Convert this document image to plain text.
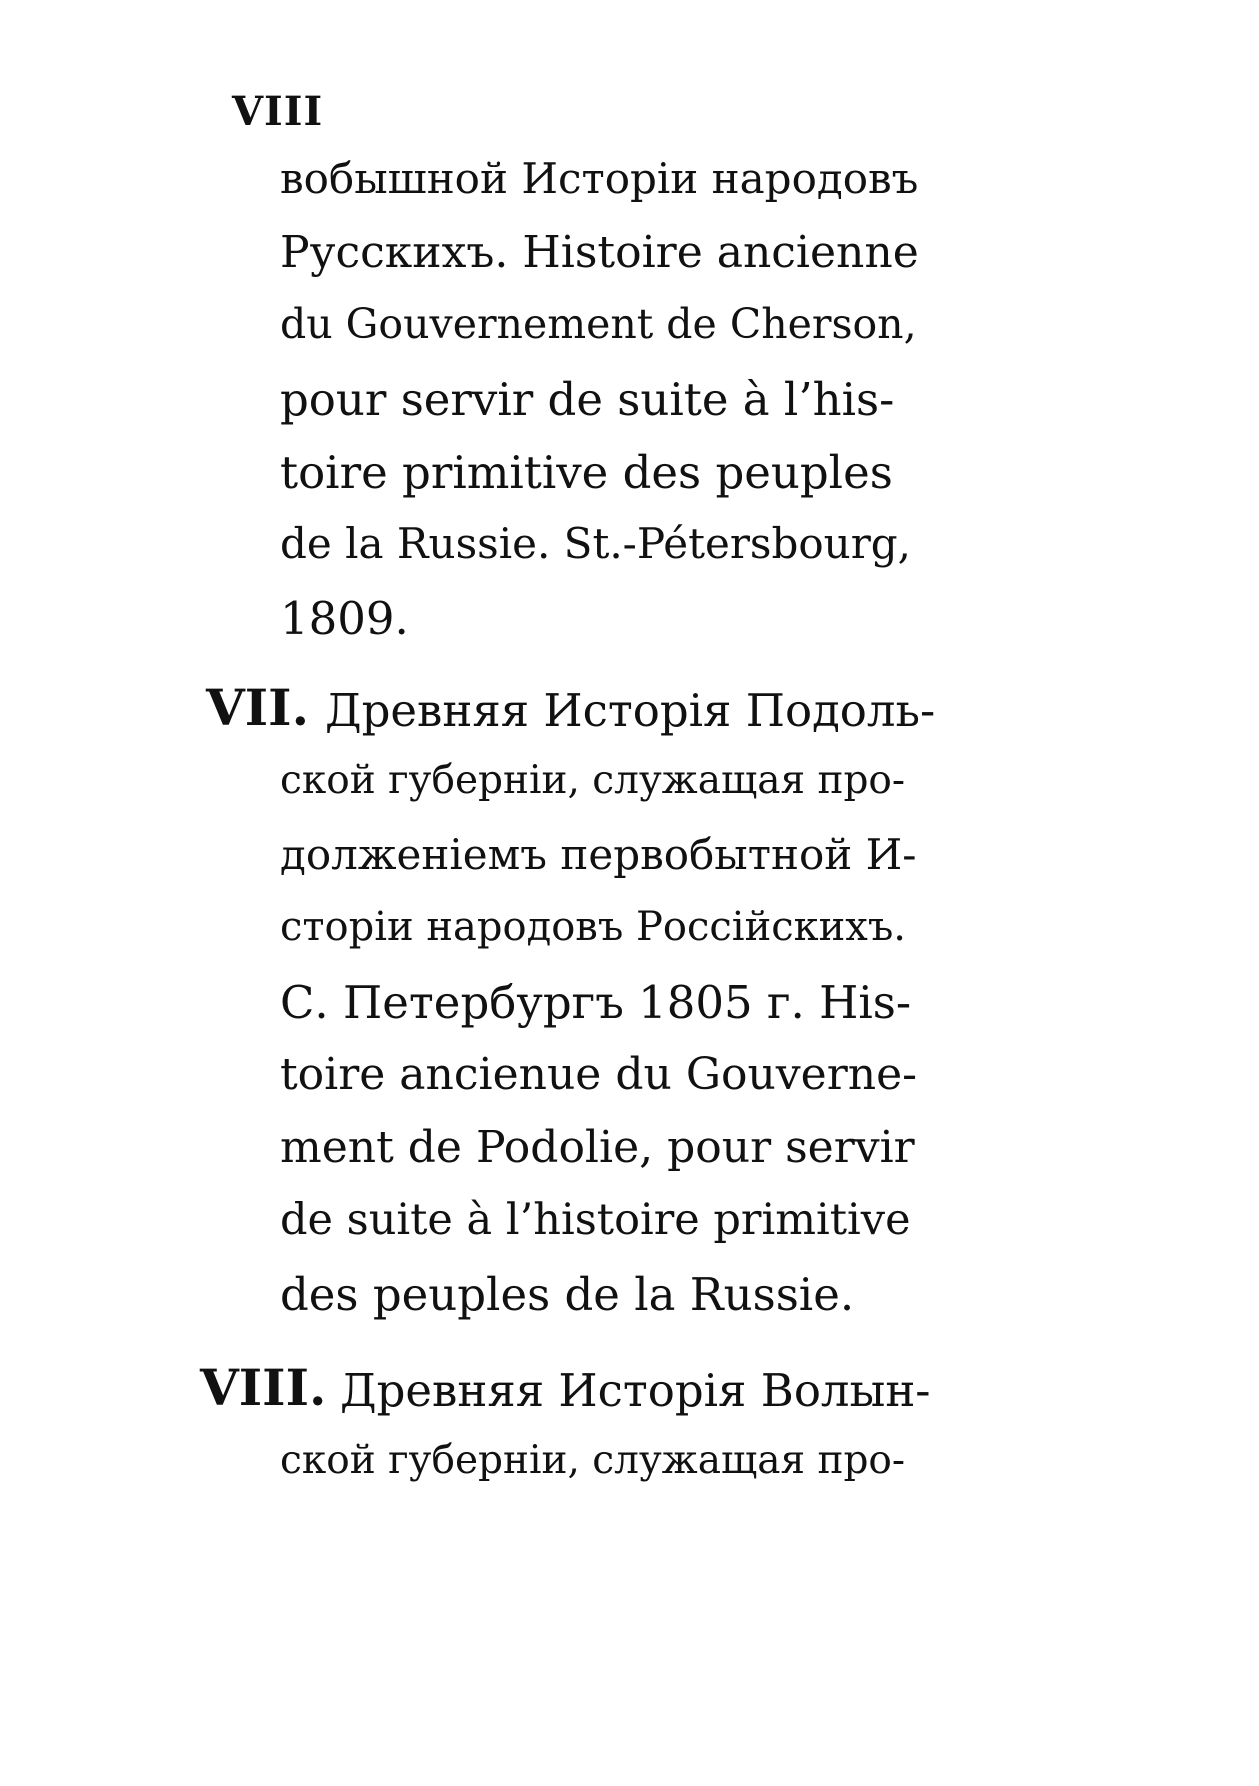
VIII
вобышной Исторіи народовъ
Русскихъ. Histoire ancienne
du Gouvernement de Cherson,
pour servir de suite à l’his-
toire primitive des peuples
de la Russie. St.-Pétersbourg,
1809.
VII. Древняя Исторія Подоль-
ской губерніи, служащая про-
долженіемъ первобытной И-
сторіи народовъ Россійскихъ.
С. Петербургъ 1805 г. His-
toire ancienue du Gouverne-
ment de Podolie, pour servir
de suite à l’histoire primitive
des peuples de la Russie.
VIII. Древняя Исторія Волын-
ской губерніи, служащая про-
